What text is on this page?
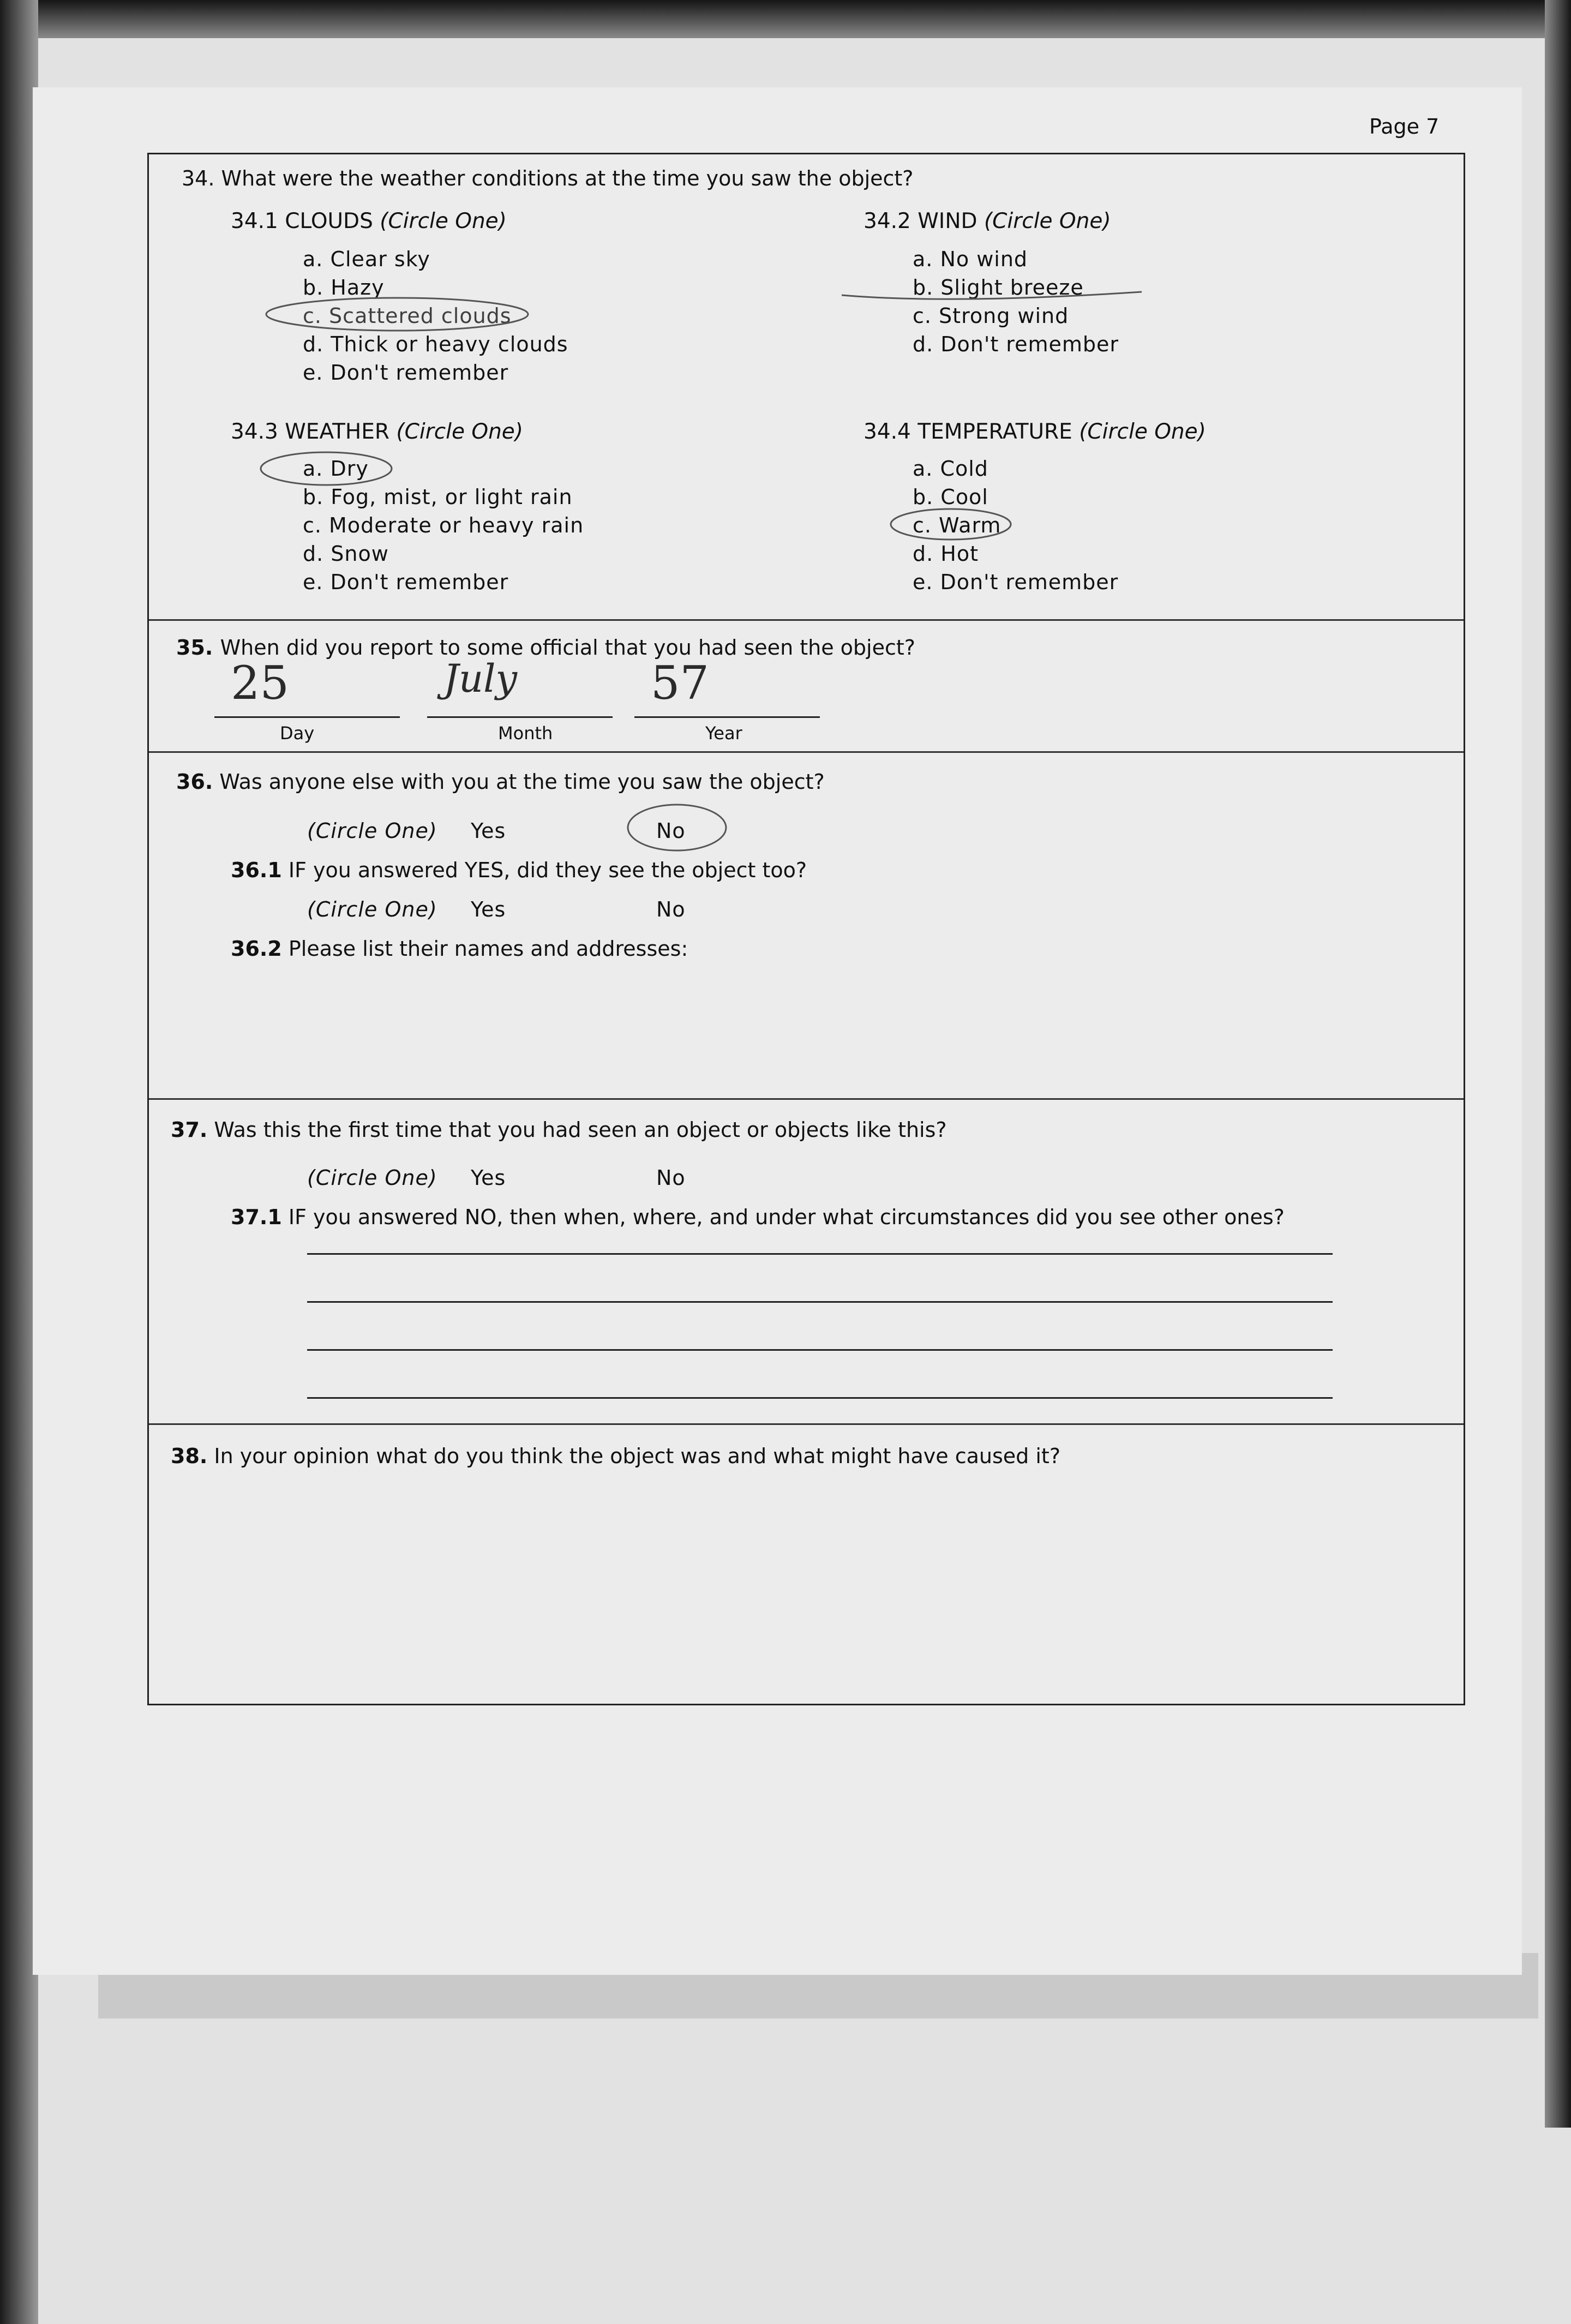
Page 7
34. What were the weather conditions at the time you saw the object?
34.1 CLOUDS (Circle One)
a. Clear sky
b. Hazy
c. Scattered clouds
d. Thick or heavy clouds
e. Don't remember
34.2 WIND (Circle One)
a. No wind
b. Slight breeze
c. Strong wind
d. Don't remember
34.3 WEATHER (Circle One)
a. Dry
b. Fog, mist, or light rain
c. Moderate or heavy rain
d. Snow
e. Don't remember
34.4 TEMPERATURE (Circle One)
a. Cold
b. Cool
c. Warm
d. Hot
e. Don't remember
35. When did you report to some official that you had seen the object?
25	July	57
Day	Month	Year
36. Was anyone else with you at the time you saw the object?
(Circle One) Yes	No
36.1 IF you answered YES, did they see the object too?
(Circle One) Yes	No
36.2 Please list their names and addresses:
37. Was this the first time that you had seen an object or objects like this?
(Circle One) Yes	No
37.1 IF you answered NO, then when, where, and under what circumstances did you see other ones?
38. In your opinion what do you think the object was and what might have caused it?
